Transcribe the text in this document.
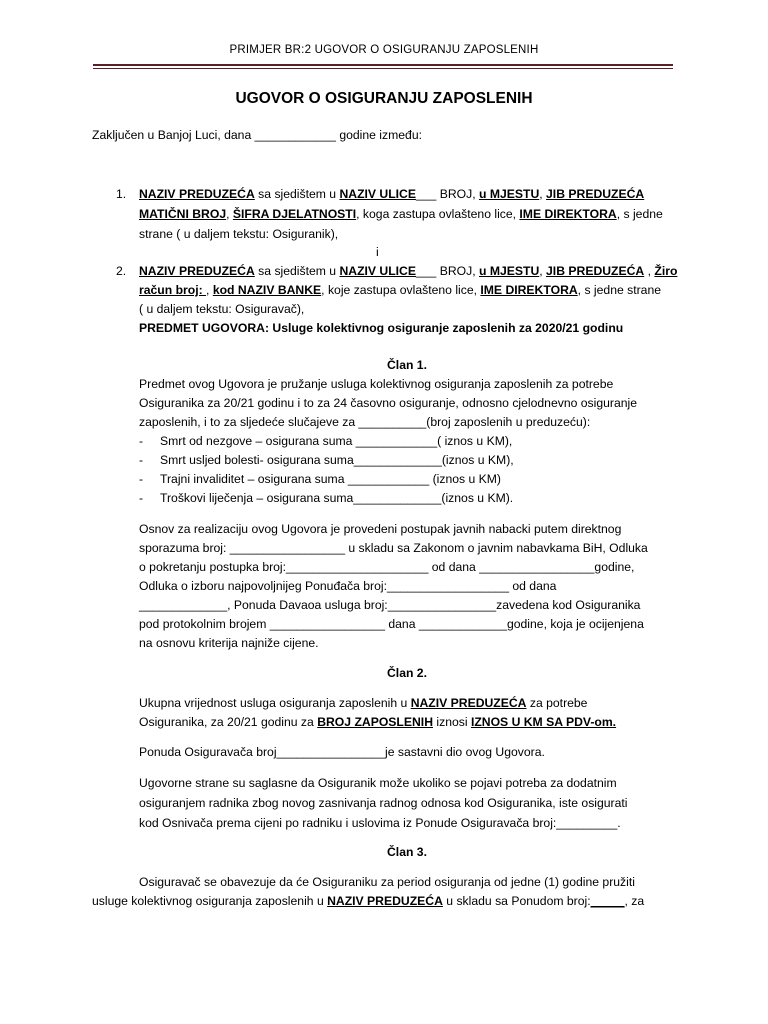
PRIMJER BR:2 UGOVOR O OSIGURANJU ZAPOSLENIH
UGOVOR O OSIGURANJU ZAPOSLENIH
Zaključen u Banjoj Luci, dana ____________ godine između:
1. NAZIV PREDUZEĆA sa sjedištem u NAZIV ULICE___ BROJ, u MJESTU, JIB PREDUZEĆA
MATIČNI BROJ, ŠIFRA DJELATNOSTI, koga zastupa ovlašteno lice, IME DIREKTORA, s jedne
strane ( u daljem tekstu: Osiguranik),
i
2. NAZIV PREDUZEĆA sa sjedištem u NAZIV ULICE___ BROJ, u MJESTU, JIB PREDUZEĆA , Žiro
račun broj: , kod NAZIV BANKE, koje zastupa ovlašteno lice, IME DIREKTORA, s jedne strane
( u daljem tekstu: Osiguravač),
PREDMET UGOVORA: Usluge kolektivnog osiguranje zaposlenih za 2020/21 godinu
Član 1.
Predmet ovog Ugovora je pružanje usluga kolektivnog osiguranja zaposlenih za potrebe
Osiguranika za 20/21 godinu i to za 24 časovno osiguranje, odnosno cjelodnevno osiguranje
zaposlenih, i to za sljedeće slučajeve za __________(broj zaposlenih u preduzeću):
- Smrt od nezgove – osigurana suma ____________( iznos u KM),
- Smrt usljed bolesti- osigurana suma_____________(iznos u KM),
- Trajni invaliditet – osigurana suma ____________ (iznos u KM)
- Troškovi liječenja – osigurana suma_____________(iznos u KM).
Osnov za realizaciju ovog Ugovora je provedeni postupak javnih nabacki putem direktnog
sporazuma broj: _________________ u skladu sa Zakonom o javnim nabavkama BiH, Odluka
o pokretanju postupka broj:_____________________ od dana _________________godine,
Odluka o izboru najpovoljnijeg Ponuđača broj:__________________ od dana
_____________, Ponuda Davaoa usluga broj:________________zavedena kod Osiguranika
pod protokolnim brojem _________________ dana _____________godine, koja je ocijenjena
na osnovu kriterija najniže cijene.
Član 2.
Ukupna vrijednost usluga osiguranja zaposlenih u NAZIV PREDUZEĆA za potrebe
Osiguranika, za 20/21 godinu za BROJ ZAPOSLENIH iznosi IZNOS U KM SA PDV-om.
Ponuda Osiguravača broj________________je sastavni dio ovog Ugovora.
Ugovorne strane su saglasne da Osiguranik može ukoliko se pojavi potreba za dodatnim
osiguranjem radnika zbog novog zasnivanja radnog odnosa kod Osiguranika, iste osigurati
kod Osnivača prema cijeni po radniku i uslovima iz Ponude Osiguravača broj:_________.
Član 3.
Osiguravač se obavezuje da će Osiguraniku za period osiguranja od jedne (1) godine pružiti
usluge kolektivnog osiguranja zaposlenih u NAZIV PREDUZEĆA u skladu sa Ponudom broj:_____, za
